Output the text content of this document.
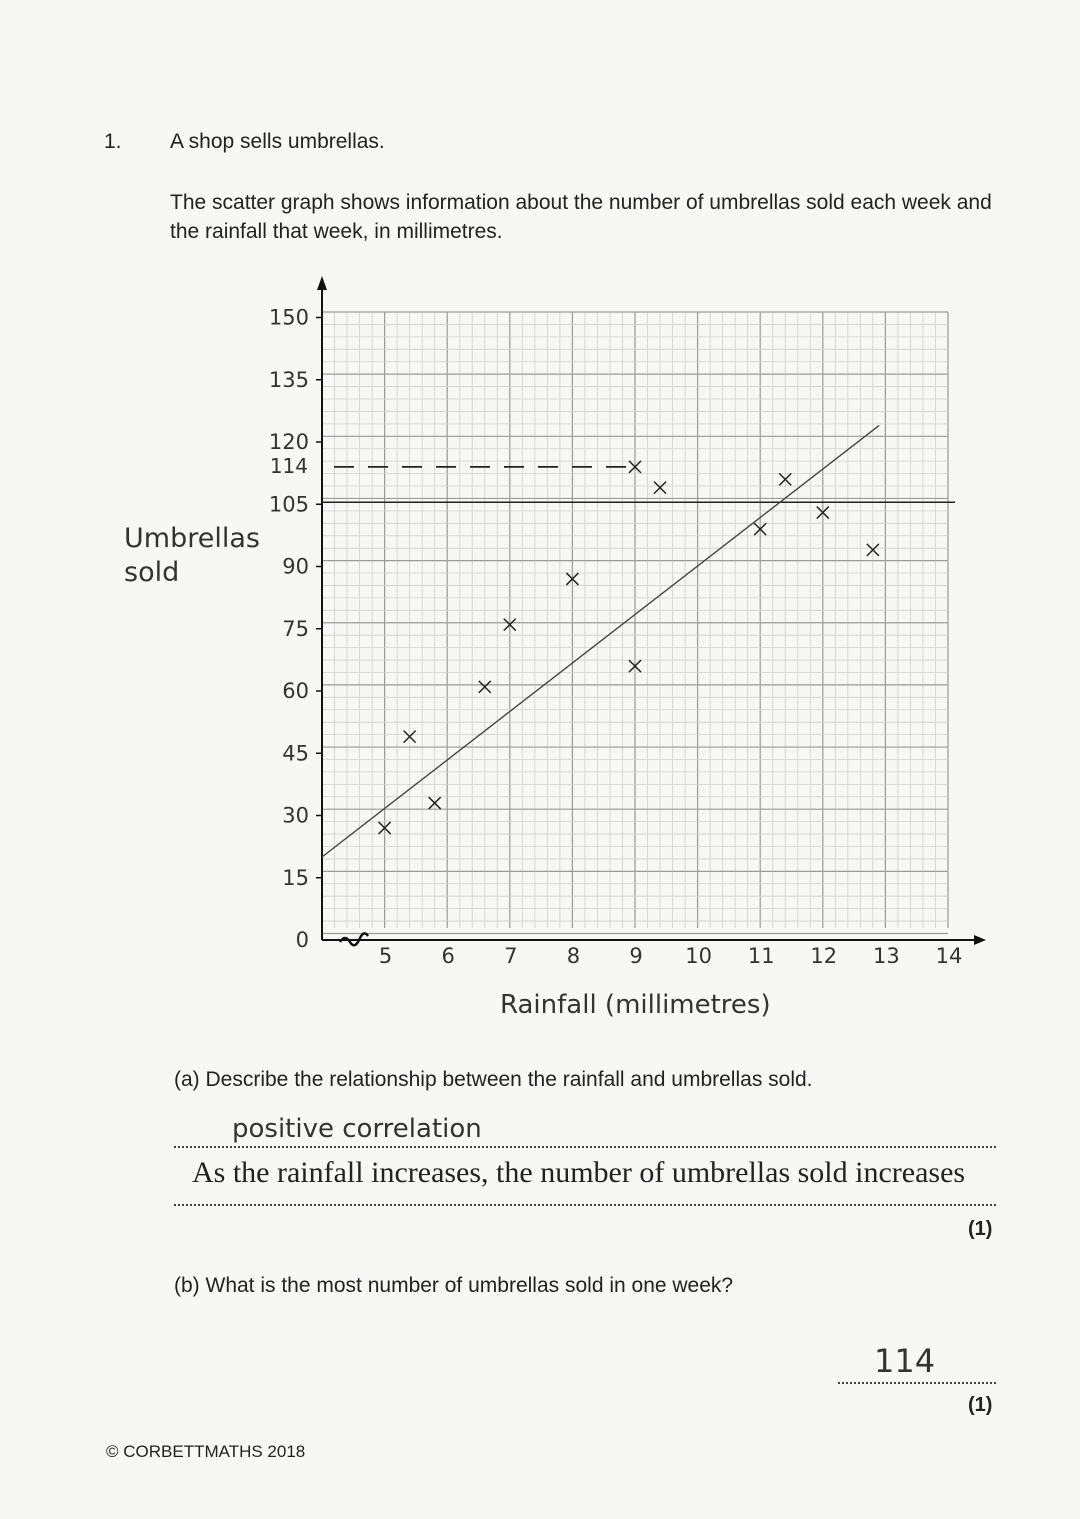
1. A shop sells umbrellas.
The scatter graph shows information about the number of umbrellas sold each week and the rainfall that week, in millimetres.
0
15
30
45
60
75
90
105
120
135
150
5 6 7 8 9 10 11 12 13 14
114
Umbrellas sold
Rainfall (millimetres)
(a) Describe the relationship between the rainfall and umbrellas sold.
positive correlation
As the rainfall increases, the number of umbrellas sold increases
(1)
(b) What is the most number of umbrellas sold in one week?
114
(1)
© CORBETTMATHS 2018
